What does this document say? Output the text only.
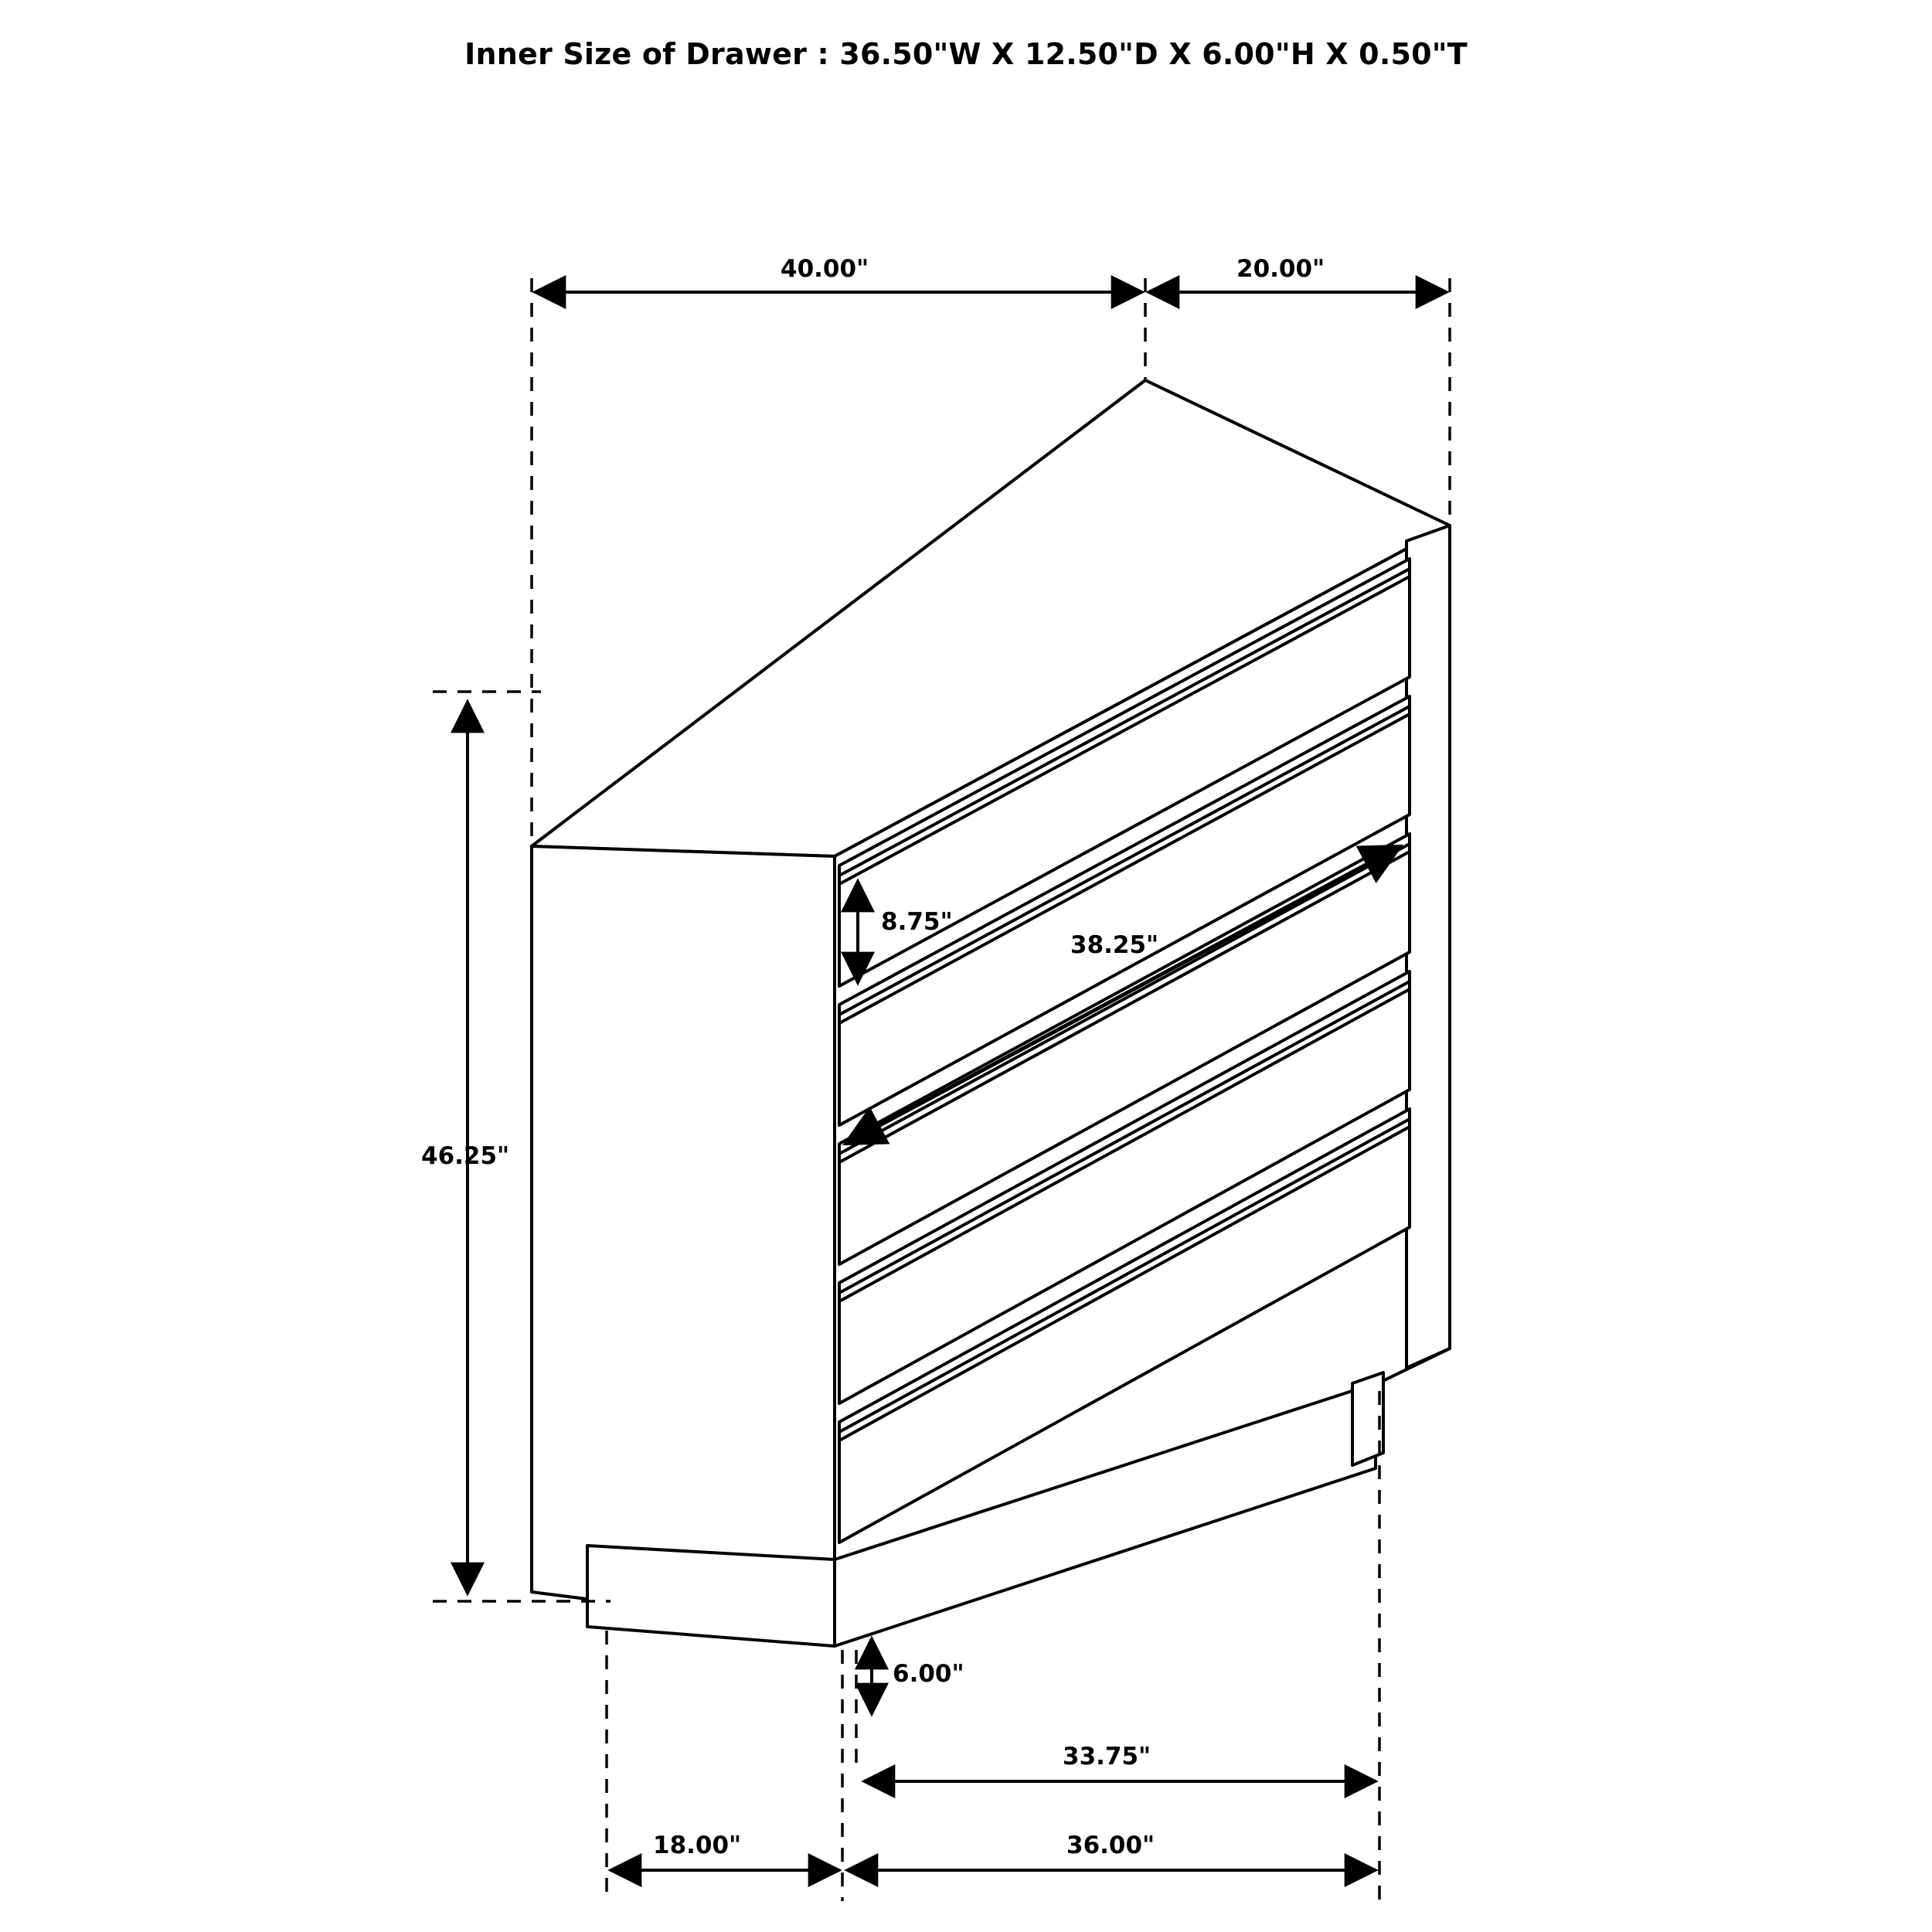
Inner Size of Drawer : 36.50"W X 12.50"D X 6.00"H X 0.50"T
40.00"	20.00"
46.25"
8.75"
38.25"
6.00"
18.00"	36.00"
33.75"
